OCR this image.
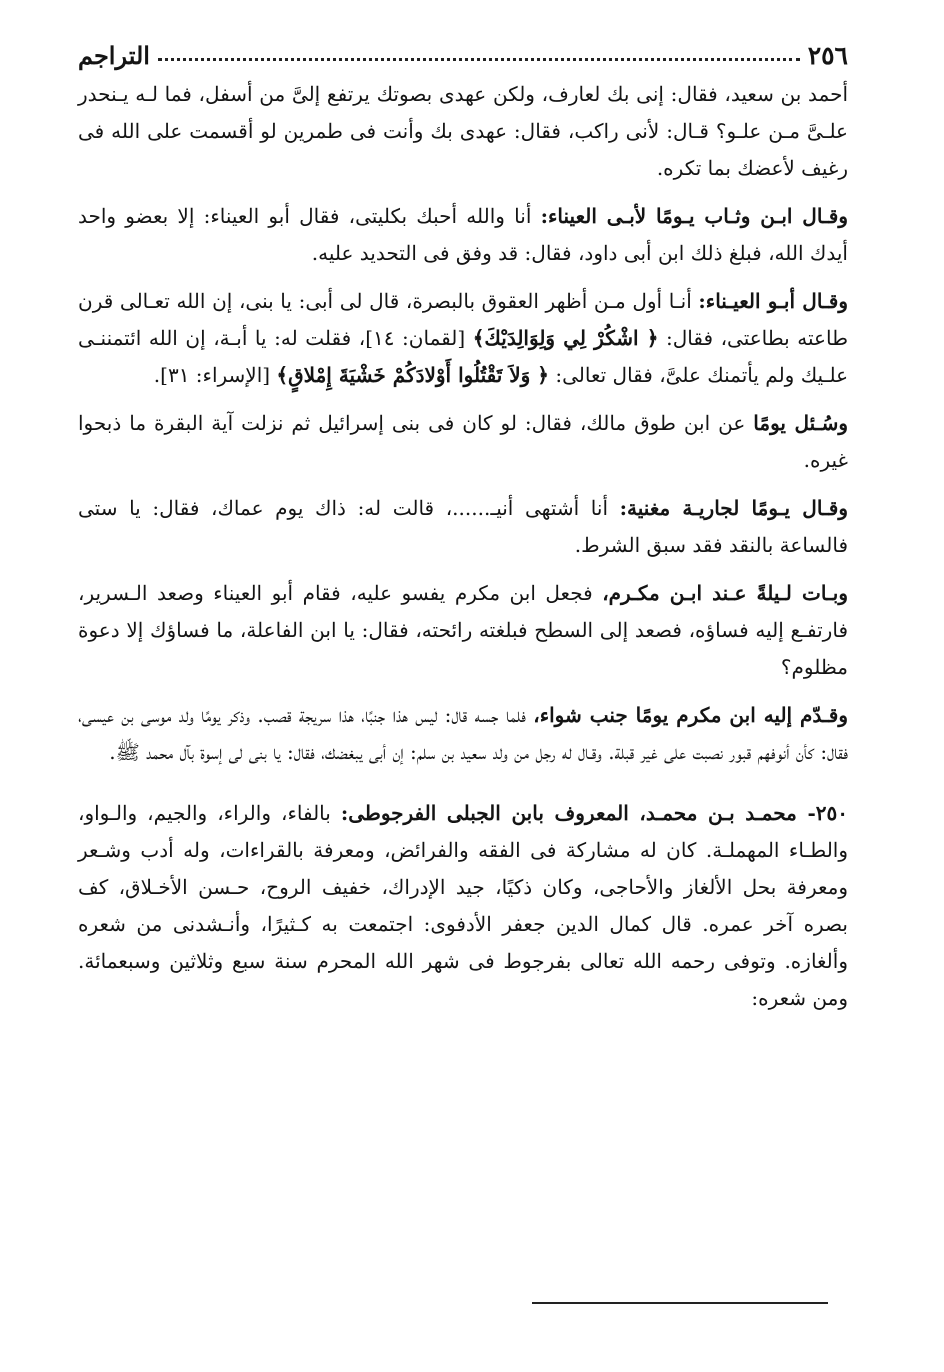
٢٥٦
التراجم

أحمد بن سعيد، فقال: إنى بك لعارف، ولكن عهدى بصوتك يرتفع إلىَّ من أسفل، فما لـه يـنحدر علـىَّ مـن علـو؟ قـال: لأنى راكب، فقال: عهدى بك وأنت فى طمرين لو أقسمت على الله فى رغيف لأعضك بما تكره.

وقـال ابـن وثـاب يـومًا لأبـى العيناء: أنا والله أحبك بكليتى، فقال أبو العيناء: إلا بعضو واحد أيدك الله، فبلغ ذلك ابن أبى داود، فقال: قد وفق فى التحديد عليه.

وقـال أبـو العيـناء: أنـا أول مـن أظهر العقوق بالبصرة، قال لى أبى: يا بنى، إن الله تعـالى قرن طاعته بطاعتى، فقال: ﴿ اشْكُرْ لِي وَلِوَالِدَيْكَ﴾ [لقمان: ١٤]، فقلت له: يا أبـة، إن الله ائتمننـى علـيك ولم يأتمنك علىَّ، فقال تعالى: ﴿ وَلاَ تَقْتُلُوا أَوْلادَكُمْ خَشْيَةَ إِمْلاقٍ﴾ [الإسراء: ٣١].

وسُـئل يومًا عن ابن طوق مالك، فقال: لو كان فى بنى إسرائيل ثم نزلت آية البقرة ما ذبحوا غيره.

وقـال يـومًا لجاريـة مغنية: أنا أشتهى أنيـ......، قالت له: ذاك يوم عماك، فقال: يا ستى فالساعة بالنقد فقد سبق الشرط.

وبـات لـيلةً عـند ابـن مكـرم، فجعل ابن مكرم يفسو عليه، فقام أبو العيناء وصعد الـسرير، فارتفـع إليه فساؤه، فصعد إلى السطح فبلغته رائحته، فقال: يا ابن الفاعلة، ما فساؤك إلا دعوة مظلوم؟

وقـدّم إليه ابن مكرم يومًا جنب شواء، فلما جسه قال: ليس هذا جنبًا، هذا سريجة قصب. وذكر يومًا ولد موسى بن عيسى، فقال: كأن أنوفهم قبور نصبت على غير قبلة. وقـال له رجل من ولد سعيد بن سلم: إن أبى يبغضك، فقال: يا بنى لى إسوة بآل محمد ﷺ.

٢٥٠- محمـد بـن محمـد، المعروف بابن الجبلى الفرجوطى: بالفاء، والراء، والجيم، والـواو، والطـاء المهملـة. كان له مشاركة فى الفقه والفرائض، ومعرفة بالقراءات، وله أدب وشـعر ومعرفة بحل الألغاز والأحاجى، وكان ذكيًا، جيد الإدراك، خفيف الروح، حـسن الأخـلاق، كف بصره آخر عمره. قال كمال الدين جعفر الأدفوى: اجتمعت به كـثيرًا، وأنـشدنى من شعره وألغازه. وتوفى رحمه الله تعالى بفرجوط فى شهر الله المحرم سنة سبع وثلاثين وسبعمائة. ومن شعره:
